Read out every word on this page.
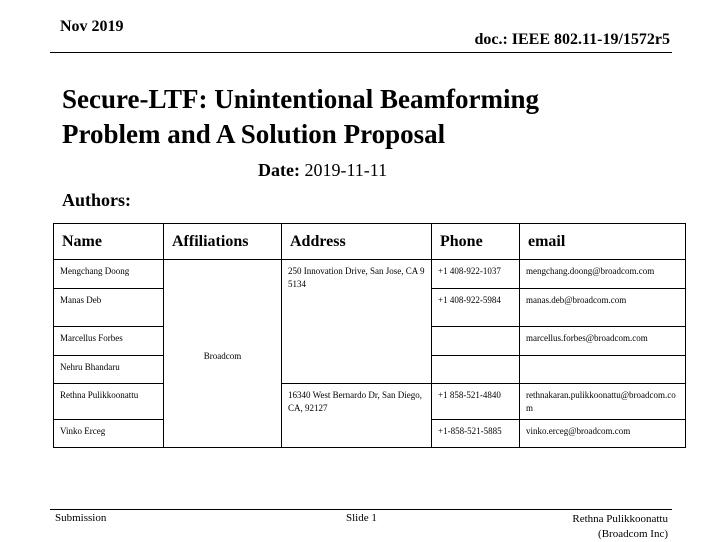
Nov 2019
doc.: IEEE 802.11-19/1572r5
Secure-LTF: Unintentional Beamforming
Problem and A Solution Proposal
Date: 2019-11-11
Authors:
Name	Affiliations	Address	Phone	email
Mengchang Doong	Broadcom	250 Innovation Drive, San Jose, CA 95134	+1 408-922-1037	mengchang.doong@broadcom.com
Manas Deb			+1 408-922-5984	manas.deb@broadcom.com
Marcellus Forbes				marcellus.forbes@broadcom.com
Nehru Bhandaru				
Rethna Pulikkoonattu		16340 West Bernardo Dr, San Diego, CA, 92127	+1 858-521-4840	rethnakaran.pulikkoonattu@broadcom.com
Vinko Erceg			+1-858-521-5885	vinko.erceg@broadcom.com
Submission	Slide 1	Rethna Pulikkoonattu
(Broadcom Inc)
